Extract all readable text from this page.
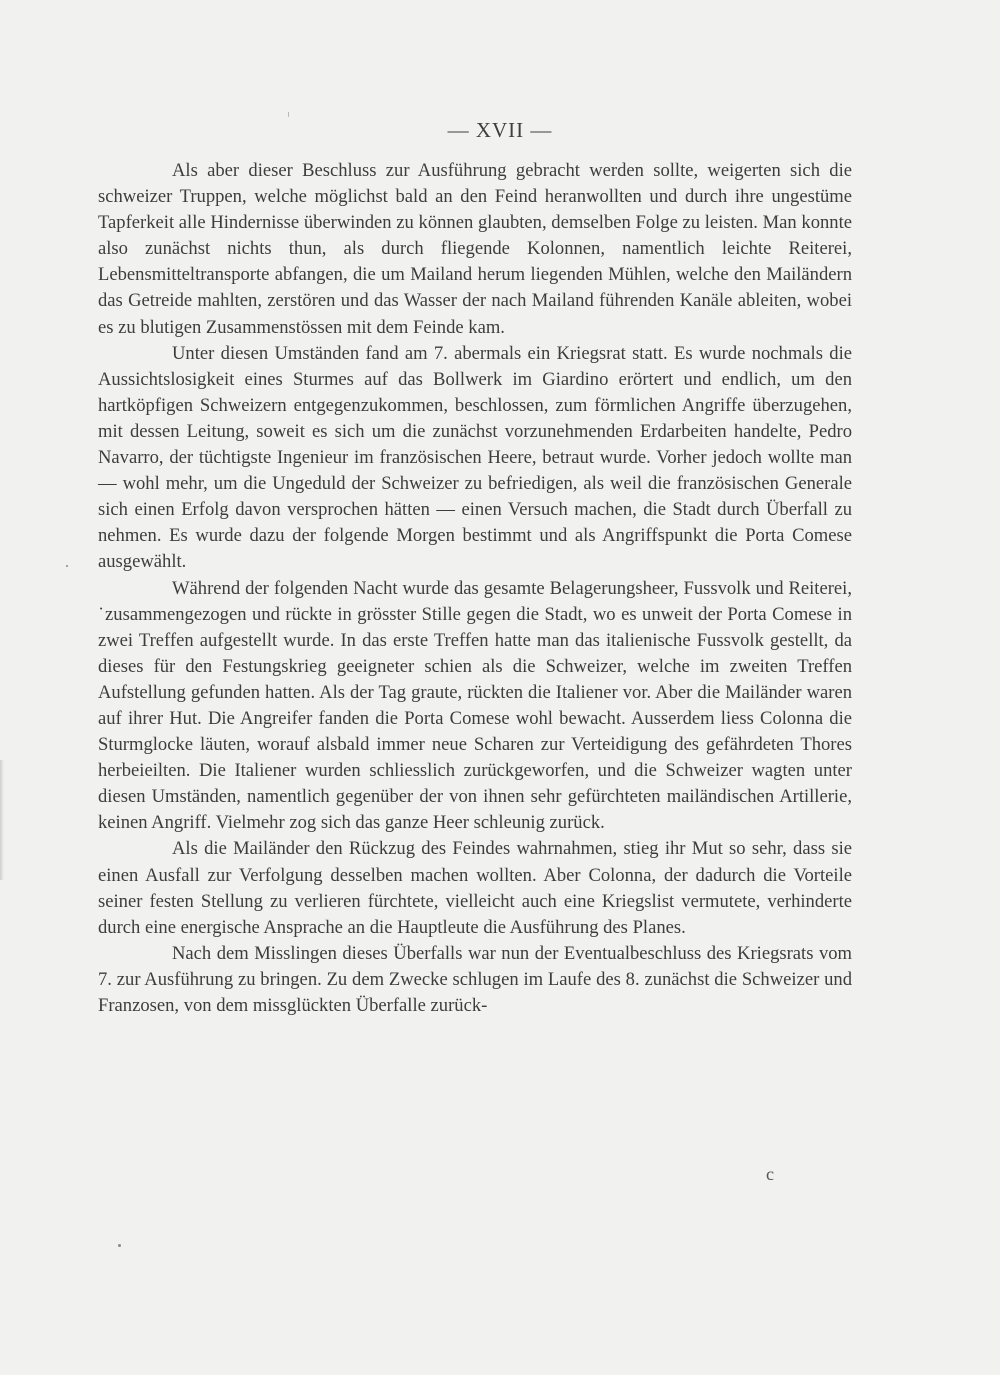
— XVII —

Als aber dieser Beschluss zur Ausführung gebracht werden sollte, weigerten sich die schweizer Truppen, welche möglichst bald an den Feind heranwollten und durch ihre ungestüme Tapferkeit alle Hindernisse überwinden zu können glaubten, demselben Folge zu leisten. Man konnte also zunächst nichts thun, als durch fliegende Kolonnen, namentlich leichte Reiterei, Lebensmitteltransporte abfangen, die um Mailand herum liegenden Mühlen, welche den Mailändern das Getreide mahlten, zerstören und das Wasser der nach Mailand führenden Kanäle ableiten, wobei es zu blutigen Zusammenstössen mit dem Feinde kam.

Unter diesen Umständen fand am 7. abermals ein Kriegsrat statt. Es wurde nochmals die Aussichtslosigkeit eines Sturmes auf das Bollwerk im Giardino erörtert und endlich, um den hartköpfigen Schweizern entgegenzukommen, beschlossen, zum förmlichen Angriffe überzugehen, mit dessen Leitung, soweit es sich um die zunächst vorzunehmenden Erdarbeiten handelte, Pedro Navarro, der tüchtigste Ingenieur im französischen Heere, betraut wurde. Vorher jedoch wollte man — wohl mehr, um die Ungeduld der Schweizer zu befriedigen, als weil die französischen Generale sich einen Erfolg davon versprochen hätten — einen Versuch machen, die Stadt durch Überfall zu nehmen. Es wurde dazu der folgende Morgen bestimmt und als Angriffspunkt die Porta Comese ausgewählt.

Während der folgenden Nacht wurde das gesamte Belagerungsheer, Fussvolk und Reiterei, ˙zusammengezogen und rückte in grösster Stille gegen die Stadt, wo es unweit der Porta Comese in zwei Treffen aufgestellt wurde. In das erste Treffen hatte man das italienische Fussvolk gestellt, da dieses für den Festungskrieg geeigneter schien als die Schweizer, welche im zweiten Treffen Aufstellung gefunden hatten. Als der Tag graute, rückten die Italiener vor. Aber die Mailänder waren auf ihrer Hut. Die Angreifer fanden die Porta Comese wohl bewacht. Ausserdem liess Colonna die Sturmglocke läuten, worauf alsbald immer neue Scharen zur Verteidigung des gefährdeten Thores herbeieilten. Die Italiener wurden schliesslich zurückgeworfen, und die Schweizer wagten unter diesen Umständen, namentlich gegenüber der von ihnen sehr gefürchteten mailändischen Artillerie, keinen Angriff. Vielmehr zog sich das ganze Heer schleunig zurück.

Als die Mailänder den Rückzug des Feindes wahrnahmen, stieg ihr Mut so sehr, dass sie einen Ausfall zur Verfolgung desselben machen wollten. Aber Colonna, der dadurch die Vorteile seiner festen Stellung zu verlieren fürchtete, vielleicht auch eine Kriegslist vermutete, verhinderte durch eine energische Ansprache an die Hauptleute die Ausführung des Planes.

Nach dem Misslingen dieses Überfalls war nun der Eventualbeschluss des Kriegsrats vom 7. zur Ausführung zu bringen. Zu dem Zwecke schlugen im Laufe des 8. zunächst die Schweizer und Franzosen, von dem missglückten Überfalle zurück-

c
